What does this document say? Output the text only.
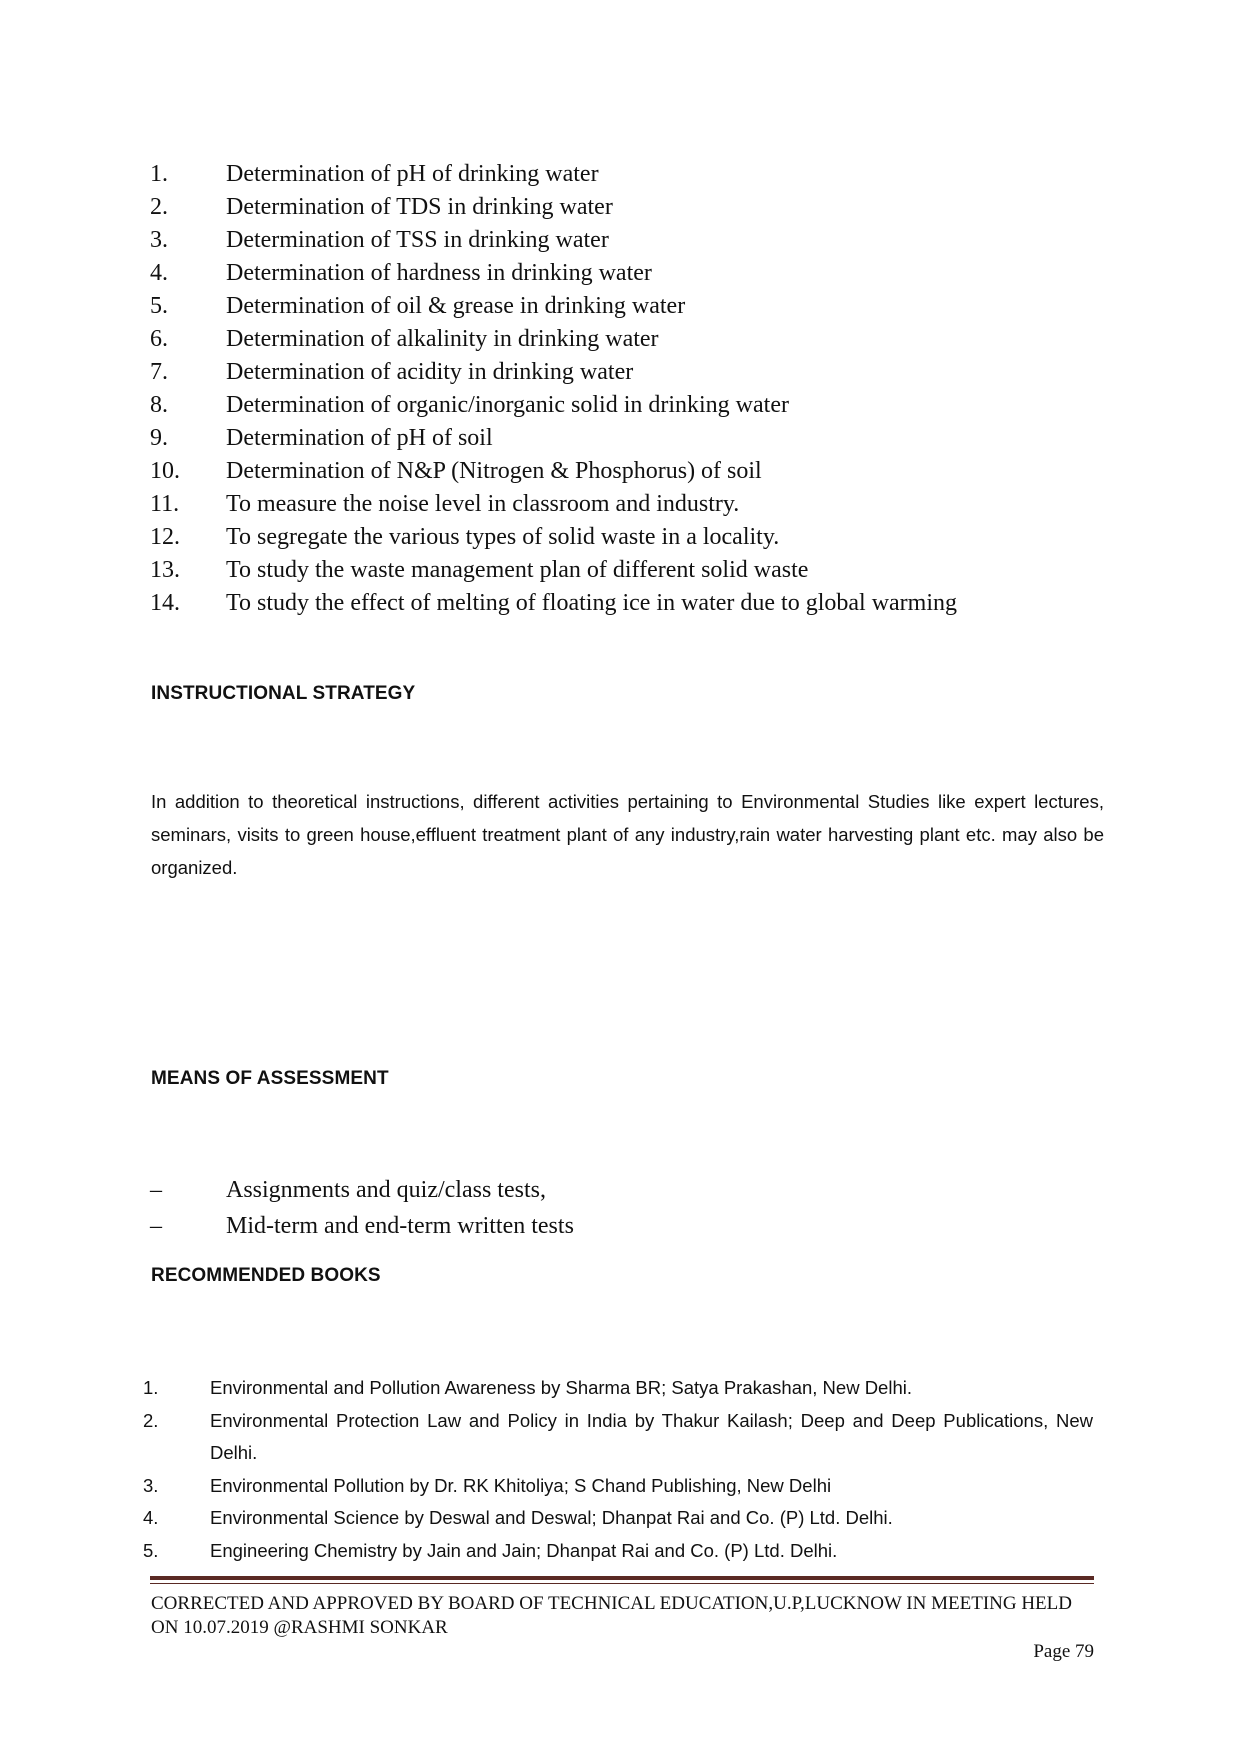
1. Determination of pH of drinking water
2. Determination of TDS in drinking water
3. Determination of TSS in drinking water
4. Determination of hardness in drinking water
5. Determination of oil & grease in drinking water
6. Determination of alkalinity in drinking water
7. Determination of acidity in drinking water
8. Determination of organic/inorganic solid in drinking water
9. Determination of pH of soil
10. Determination of N&P (Nitrogen & Phosphorus) of soil
11. To measure the noise level in classroom and industry.
12. To segregate the various types of solid waste in a locality.
13. To study the waste management plan of different solid waste
14. To study the effect of melting of floating ice in water due to global warming
INSTRUCTIONAL STRATEGY

In addition to theoretical instructions, different activities pertaining to Environmental Studies like expert lectures, seminars, visits to green house,effluent treatment plant of any industry,rain water harvesting plant etc. may also be organized.

MEANS OF ASSESSMENT
–	Assignments and quiz/class tests,
–	Mid-term and end-term written tests
RECOMMENDED BOOKS
1.	Environmental and Pollution Awareness by Sharma BR; Satya Prakashan, New Delhi.
2.	Environmental Protection Law and Policy in India by Thakur Kailash; Deep and Deep Publications, New Delhi.
3.	Environmental Pollution by Dr. RK Khitoliya; S Chand Publishing, New Delhi
4.	Environmental Science by Deswal and Deswal; Dhanpat Rai and Co. (P) Ltd. Delhi.
5.	Engineering Chemistry by Jain and Jain; Dhanpat Rai and Co. (P) Ltd. Delhi.
CORRECTED AND APPROVED BY BOARD OF TECHNICAL EDUCATION,U.P,LUCKNOW IN MEETING HELD
ON 10.07.2019 @RASHMI SONKAR

Page 79
